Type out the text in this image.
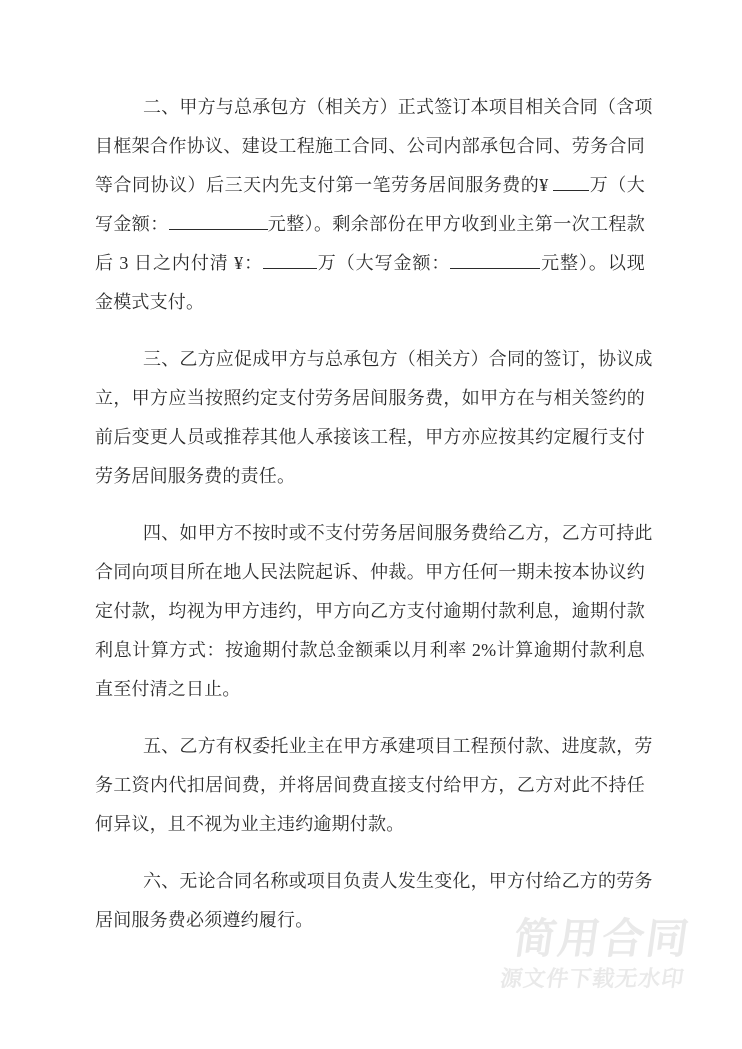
二、甲方与总承包方（相关方）正式签订本项目相关合同（含项
目框架合作协议、建设工程施工合同、公司内部承包合同、劳务合同
等合同协议）后三天内先支付第一笔劳务居间服务费的¥ 万（大
写金额：	元整）。剩余部份在甲方收到业主第一次工程款
后 3 日之内付清 ¥：	万（大写金额：	元整）。以现
金模式支付。
三、乙方应促成甲方与总承包方（相关方）合同的签订，协议成
立，甲方应当按照约定支付劳务居间服务费，如甲方在与相关签约的
前后变更人员或推荐其他人承接该工程，甲方亦应按其约定履行支付
劳务居间服务费的责任。
四、如甲方不按时或不支付劳务居间服务费给乙方，乙方可持此
合同向项目所在地人民法院起诉、仲裁。甲方任何一期未按本协议约
定付款，均视为甲方违约，甲方向乙方支付逾期付款利息，逾期付款
利息计算方式：按逾期付款总金额乘以月利率 2%计算逾期付款利息
直至付清之日止。
五、乙方有权委托业主在甲方承建项目工程预付款、进度款，劳
务工资内代扣居间费，并将居间费直接支付给甲方，乙方对此不持任
何异议，且不视为业主违约逾期付款。
六、无论合同名称或项目负责人发生变化，甲方付给乙方的劳务
居间服务费必须遵约履行。	简用合同
源文件下载无水印
